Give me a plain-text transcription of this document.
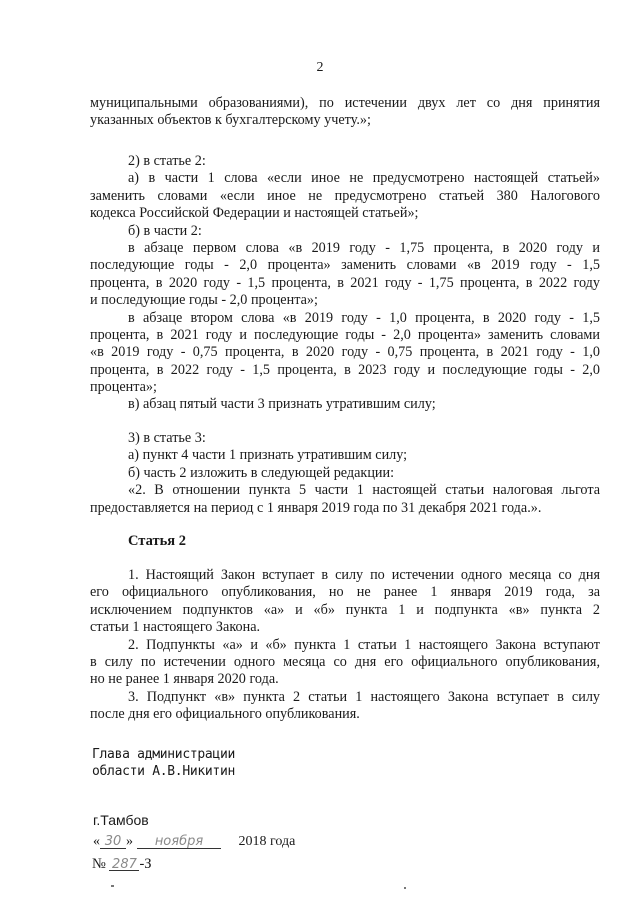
2
муниципальными образованиями), по истечении двух лет со дня принятия
указанных объектов к бухгалтерскому учету.»;
2) в статье 2:
а) в части 1 слова «если иное не предусмотрено настоящей статьей»
заменить словами «если иное не предусмотрено статьей 380 Налогового
кодекса Российской Федерации и настоящей статьей»;
б) в части 2:
в абзаце первом слова «в 2019 году - 1,75 процента, в 2020 году и
последующие годы - 2,0 процента» заменить словами «в 2019 году - 1,5
процента, в 2020 году - 1,5 процента, в 2021 году - 1,75 процента, в 2022 году
и последующие годы - 2,0 процента»;
в абзаце втором слова «в 2019 году - 1,0 процента, в 2020 году - 1,5
процента, в 2021 году и последующие годы - 2,0 процента» заменить словами
«в 2019 году - 0,75 процента, в 2020 году - 0,75 процента, в 2021 году - 1,0
процента, в 2022 году - 1,5 процента, в 2023 году и последующие годы - 2,0
процента»;
в) абзац пятый части 3 признать утратившим силу;
3) в статье 3:
а) пункт 4 части 1 признать утратившим силу;
б) часть 2 изложить в следующей редакции:
«2. В отношении пункта 5 части 1 настоящей статьи налоговая льгота
предоставляется на период с 1 января 2019 года по 31 декабря 2021 года.».
Статья 2
1. Настоящий Закон вступает в силу по истечении одного месяца со дня
его официального опубликования, но не ранее 1 января 2019 года, за
исключением подпунктов «а» и «б» пункта 1 и подпункта «в» пункта 2
статьи 1 настоящего Закона.
2. Подпункты «а» и «б» пункта 1 статьи 1 настоящего Закона вступают
в силу по истечении одного месяца со дня его официального опубликования,
но не ранее 1 января 2020 года.
3. Подпункт «в» пункта 2 статьи 1 настоящего Закона вступает в силу
после дня его официального опубликования.
Глава администрации
области А.В.Никитин
г.Тамбов
« 30 » ноября	2018 года
№ 287 -З
